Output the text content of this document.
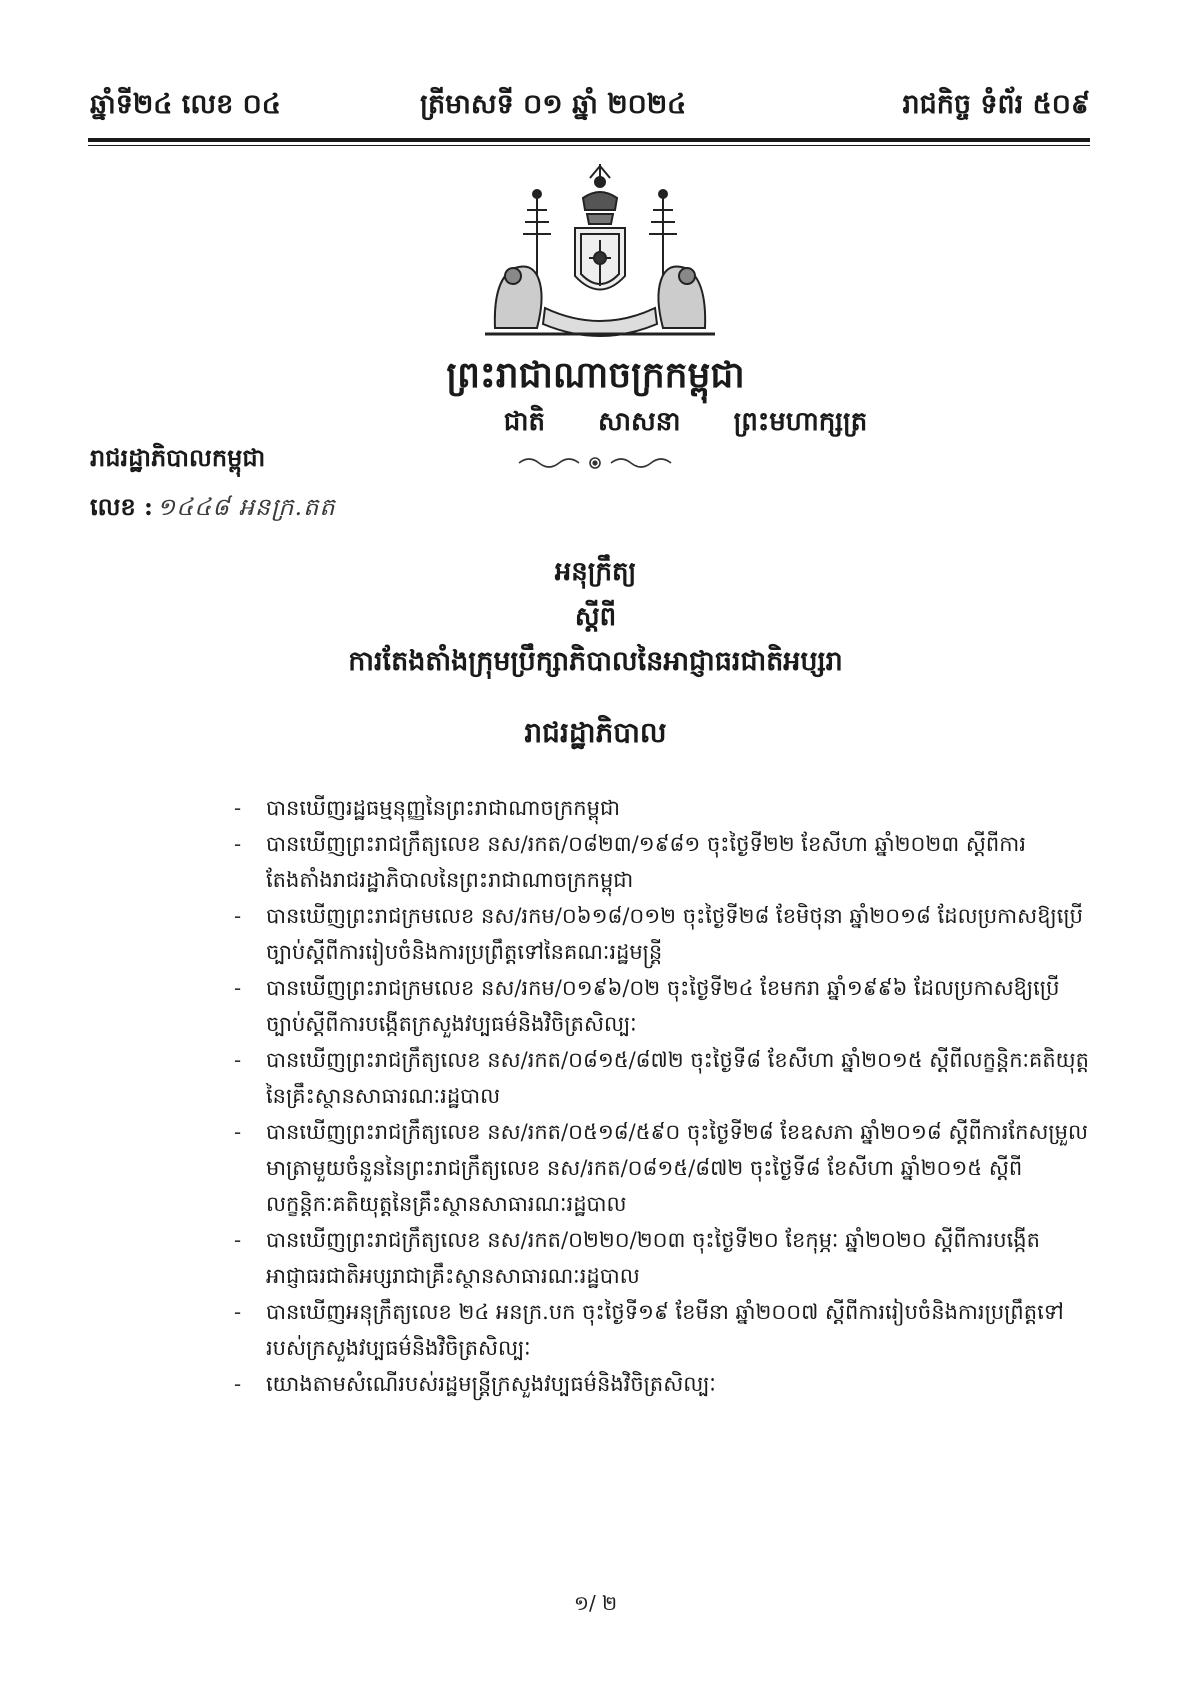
ឆ្នាំទី២៤ លេខ ០៤	ត្រីមាសទី ០១ ឆ្នាំ ២០២៤	រាជកិច្ច ទំព័រ ៥០៩
ព្រះរាជាណាចក្រកម្ពុជា
ជាតិ សាសនា ព្រះមហាក្សត្រ
រាជរដ្ឋាភិបាលកម្ពុជា
លេខ : ១៤៤៨ អនក្រ.តត
អនុក្រឹត្យ
ស្តីពី
ការតែងតាំងក្រុមប្រឹក្សាភិបាលនៃអាជ្ញាធរជាតិអប្សរា
រាជរដ្ឋាភិបាល
- បានឃើញរដ្ឋធម្មនុញ្ញនៃព្រះរាជាណាចក្រកម្ពុជា
- បានឃើញព្រះរាជក្រឹត្យលេខ នស/រកត/០៨២៣/១៩៨១ ចុះថ្ងៃទី២២ ខែសីហា ឆ្នាំ២០២៣ ស្តីពីការតែងតាំងរាជរដ្ឋាភិបាលនៃព្រះរាជាណាចក្រកម្ពុជា
- បានឃើញព្រះរាជក្រមលេខ នស/រកម/០៦១៨/០១២ ចុះថ្ងៃទី២៨ ខែមិថុនា ឆ្នាំ២០១៨ ដែលប្រកាសឱ្យប្រើច្បាប់ស្តីពីការរៀបចំនិងការប្រព្រឹត្តទៅនៃគណៈរដ្ឋមន្ត្រី
- បានឃើញព្រះរាជក្រមលេខ នស/រកម/០១៩៦/០២ ចុះថ្ងៃទី២៤ ខែមករា ឆ្នាំ១៩៩៦ ដែលប្រកាសឱ្យប្រើច្បាប់ស្តីពីការបង្កើតក្រសួងវប្បធម៌និងវិចិត្រសិល្បៈ
- បានឃើញព្រះរាជក្រឹត្យលេខ នស/រកត/០៨១៥/៨៧២ ចុះថ្ងៃទី៨ ខែសីហា ឆ្នាំ២០១៥ ស្តីពីលក្ខន្តិកៈគតិយុត្តនៃគ្រឹះស្ថានសាធារណៈរដ្ឋបាល
- បានឃើញព្រះរាជក្រឹត្យលេខ នស/រកត/០៥១៨/៥៩០ ចុះថ្ងៃទី២៨ ខែឧសភា ឆ្នាំ២០១៨ ស្តីពីការកែសម្រួលមាត្រាមួយចំនួននៃព្រះរាជក្រឹត្យលេខ នស/រកត/០៨១៥/៨៧២ ចុះថ្ងៃទី៨ ខែសីហា ឆ្នាំ២០១៥ ស្តីពីលក្ខន្តិកៈគតិយុត្តនៃគ្រឹះស្ថានសាធារណៈរដ្ឋបាល
- បានឃើញព្រះរាជក្រឹត្យលេខ នស/រកត/០២២០/២០៣ ចុះថ្ងៃទី២០ ខែកុម្ភៈ ឆ្នាំ២០២០ ស្តីពីការបង្កើតអាជ្ញាធរជាតិអប្សរាជាគ្រឹះស្ថានសាធារណៈរដ្ឋបាល
- បានឃើញអនុក្រឹត្យលេខ ២៤ អនក្រ.បក ចុះថ្ងៃទី១៩ ខែមីនា ឆ្នាំ២០០៧ ស្តីពីការរៀបចំនិងការប្រព្រឹត្តទៅរបស់ក្រសួងវប្បធម៌និងវិចិត្រសិល្បៈ
- យោងតាមសំណើរបស់រដ្ឋមន្ត្រីក្រសួងវប្បធម៌និងវិចិត្រសិល្បៈ
១/ ២
